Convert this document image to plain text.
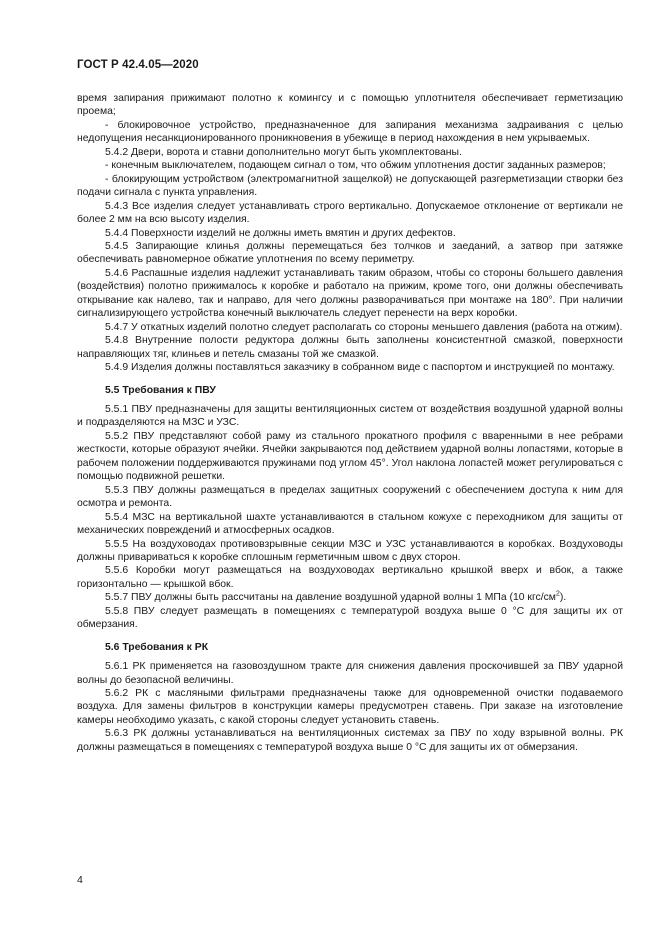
ГОСТ Р 42.4.05—2020

время запирания прижимают полотно к комингсу и с помощью уплотнителя обеспечивает герметизацию проема;

- блокировочное устройство, предназначенное для запирания механизма задраивания с целью недопущения несанкционированного проникновения в убежище в период нахождения в нем укрываемых.

5.4.2 Двери, ворота и ставни дополнительно могут быть укомплектованы.

- конечным выключателем, подающем сигнал о том, что обжим уплотнения достиг заданных размеров;

- блокирующим устройством (электромагнитной защелкой) не допускающей разгерметизации створки без подачи сигнала с пункта управления.

5.4.3 Все изделия следует устанавливать строго вертикально. Допускаемое отклонение от вертикали не более 2 мм на всю высоту изделия.

5.4.4 Поверхности изделий не должны иметь вмятин и других дефектов.

5.4.5 Запирающие клинья должны перемещаться без толчков и заеданий, а затвор при затяжке обеспечивать равномерное обжатие уплотнения по всему периметру.

5.4.6 Распашные изделия надлежит устанавливать таким образом, чтобы со стороны большего давления (воздействия) полотно прижималось к коробке и работало на прижим, кроме того, они должны обеспечивать открывание как налево, так и направо, для чего должны разворачиваться при монтаже на 180°. При наличии сигнализирующего устройства конечный выключатель следует перенести на верх коробки.

5.4.7 У откатных изделий полотно следует располагать со стороны меньшего давления (работа на отжим).

5.4.8 Внутренние полости редуктора должны быть заполнены консистентной смазкой, поверхности направляющих тяг, клиньев и петель смазаны той же смазкой.

5.4.9 Изделия должны поставляться заказчику в собранном виде с паспортом и инструкцией по монтажу.

5.5 Требования к ПВУ

5.5.1 ПВУ предназначены для защиты вентиляционных систем от воздействия воздушной ударной волны и подразделяются на МЗС и УЗС.

5.5.2 ПВУ представляют собой раму из стального прокатного профиля с вваренными в нее ребрами жесткости, которые образуют ячейки. Ячейки закрываются под действием ударной волны лопастями, которые в рабочем положении поддерживаются пружинами под углом 45°. Угол наклона лопастей может регулироваться с помощью подвижной решетки.

5.5.3 ПВУ должны размещаться в пределах защитных сооружений с обеспечением доступа к ним для осмотра и ремонта.

5.5.4 МЗС на вертикальной шахте устанавливаются в стальном кожухе с переходником для защиты от механических повреждений и атмосферных осадков.

5.5.5 На воздуховодах противовзрывные секции МЗС и УЗС устанавливаются в коробках. Воздуховоды должны привариваться к коробке сплошным герметичным швом с двух сторон.

5.5.6 Коробки могут размещаться на воздуховодах вертикально крышкой вверх и вбок, а также горизонтально — крышкой вбок.

5.5.7 ПВУ должны быть рассчитаны на давление воздушной ударной волны 1 МПа (10 кгс/$см^2$).

5.5.8 ПВУ следует размещать в помещениях с температурой воздуха выше 0 °С для защиты их от обмерзания.

5.6 Требования к РК

5.6.1 РК применяется на газовоздушном тракте для снижения давления проскочившей за ПВУ ударной волны до безопасной величины.

5.6.2 РК с масляными фильтрами предназначены также для одновременной очистки подаваемого воздуха. Для замены фильтров в конструкции камеры предусмотрен ставень. При заказе на изготовление камеры необходимо указать, с какой стороны следует установить ставень.

5.6.3 РК должны устанавливаться на вентиляционных системах за ПВУ по ходу взрывной волны. РК должны размещаться в помещениях с температурой воздуха выше 0 °С для защиты их от обмерзания.

4
